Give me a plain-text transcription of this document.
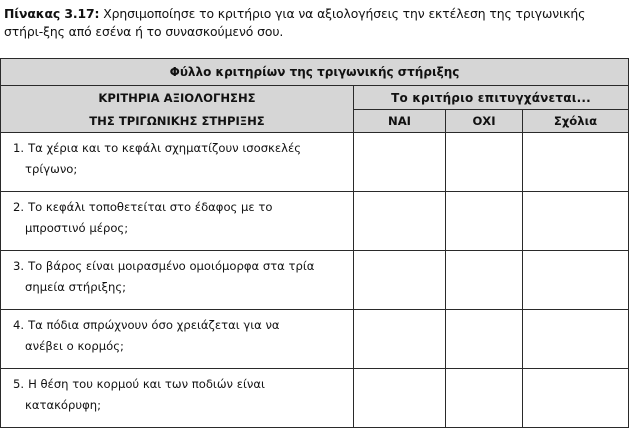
Πίνακας 3.17: Χρησιμοποίησε το κριτήριο για να αξιολογήσεις την εκτέλεση της τριγωνικής στήρι-ξης από εσένα ή το συνασκούμενό σου.
Φύλλο κριτηρίων της τριγωνικής στήριξης			
ΚΡΙΤΗΡΙΑ ΑΞΙΟΛΟΓΗΣΗΣ	Το κριτήριο επιτυγχάνεται...		
ΤΗΣ ΤΡΙΓΩΝΙΚΗΣ ΣΤΗΡΙΞΗΣ	ΝΑΙ	ΟΧΙ	Σχόλια
1. Τα χέρια και το κεφάλι σχηματίζουν ισοσκελές
τρίγωνο;			
2. Το κεφάλι τοποθετείται στο έδαφος με το
μπροστινό μέρος;			
3. Το βάρος είναι μοιρασμένο ομοιόμορφα στα τρία
σημεία στήριξης;			
4. Τα πόδια σπρώχνουν όσο χρειάζεται για να
ανέβει ο κορμός;			
5. Η θέση του κορμού και των ποδιών είναι
κατακόρυφη;			
